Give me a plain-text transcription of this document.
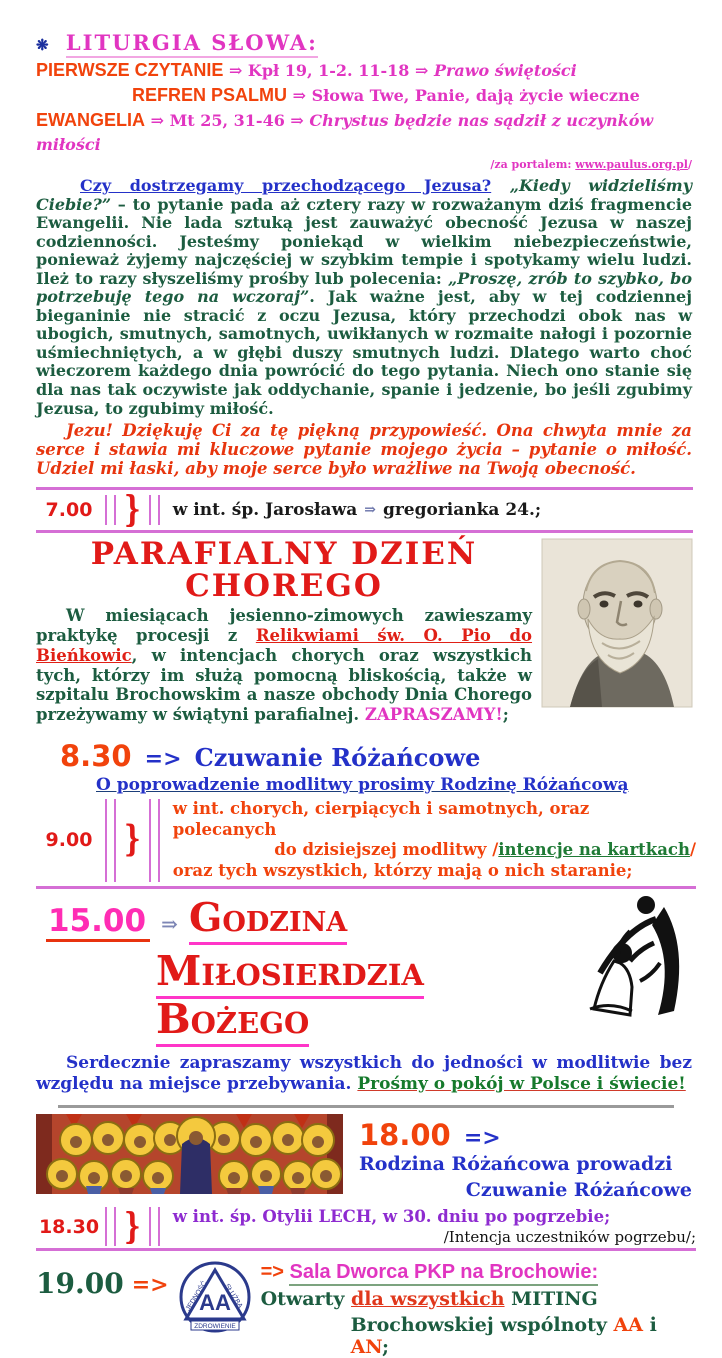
❋ LITURGIA SŁOWA:
PIERWSZE CZYTANIE ⇒ Kpł 19, 1-2. 11-18 ⇒ Prawo świętości
REFREN PSALMU ⇒ Słowa Twe, Panie, dają życie wieczne
EWANGELIA ⇒ Mt 25, 31-46 ⇒ Chrystus będzie nas sądził z uczynków miłości
/za portalem: www.paulus.org.pl/

Czy dostrzegamy przechodzącego Jezusa? „Kiedy widzieliśmy Ciebie?” – to pytanie pada aż cztery razy w rozważanym dziś fragmencie Ewangelii. Nie lada sztuką jest zauważyć obecność Jezusa w naszej codzienności. Jesteśmy poniekąd w wielkim niebezpieczeństwie, ponieważ żyjemy najczęściej w szybkim tempie i spotykamy wielu ludzi. Ileż to razy słyszeliśmy prośby lub polecenia: „Proszę, zrób to szybko, bo potrzebuję tego na wczoraj”. Jak ważne jest, aby w tej codziennej bieganinie nie stracić z oczu Jezusa, który przechodzi obok nas w ubogich, smutnych, samotnych, uwikłanych w rozmaite nałogi i pozornie uśmiechniętych, a w głębi duszy smutnych ludzi. Dlatego warto choć wieczorem każdego dnia powrócić do tego pytania. Niech ono stanie się dla nas tak oczywiste jak oddychanie, spanie i jedzenie, bo jeśli zgubimy Jezusa, to zgubimy miłość.

Jezu! Dziękuję Ci za tę piękną przypowieść. Ona chwyta mnie za serce i stawia mi kluczowe pytanie mojego życia – pytanie o miłość. Udziel mi łaski, aby moje serce było wrażliwe na Twoją obecność.

7.00	} w int. śp. Jarosława ⇒ gregorianka 24.;
PARAFIALNY DZIEŃ
CHOREGO

W miesiącach jesienno-zimowych zawieszamy praktykę procesji z Relikwiami św. O. Pio do Bieńkowic, w intencjach chorych oraz wszystkich tych, którzy im służą pomocną bliskością, także w szpitalu Brochowskim a nasze obchody Dnia Chorego przeżywamy w świątyni parafialnej. ZAPRASZAMY!;

8.30 => Czuwanie Różańcowe
O poprowadzenie modlitwy prosimy Rodzinę Różańcową
9.00	}
w int. chorych, cierpiących i samotnych, oraz polecanych
do dzisiejszej modlitwy /intencje na kartkach/
oraz tych wszystkich, którzy mają o nich staranie;
15.00 ⇒ Godzina
Miłosierdzia Bożego

Serdecznie zapraszamy wszystkich do jedności w modlitwie bez względu na miejsce przebywania. Prośmy o pokój w Polsce i świecie!

18.00 =>
Rodzina Różańcowa prowadzi
Czuwanie Różańcowe
18.30 }	w int. śp. Otylii LECH, w 30. dniu po pogrzebie;
/Intencja uczestników pogrzebu/;
19.00 =>
AA
JEDNOŚĆ SŁUŻBA
ZDROWIENIE
=> Sala Dworca PKP na Brochowie:
Otwarty dla wszystkich MITING
Brochowskiej wspólnoty AA i AN;
